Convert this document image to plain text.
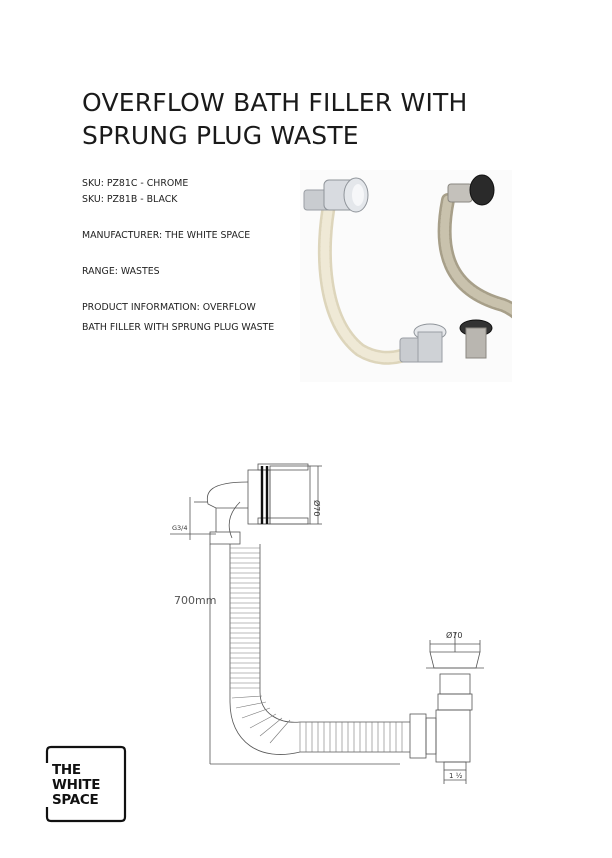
OVERFLOW BATH FILLER WITH
SPRUNG PLUG WASTE

SKU: PZ81C - CHROME

SKU: PZ81B - BLACK

MANUFACTURER: THE WHITE SPACE

RANGE: WASTES

PRODUCT INFORMATION: OVERFLOW BATH FILLER WITH SPRUNG PLUG WASTE

Ø70
G3/4
Ø70
1 ½
700mm
THE
WHITE
SPACE
